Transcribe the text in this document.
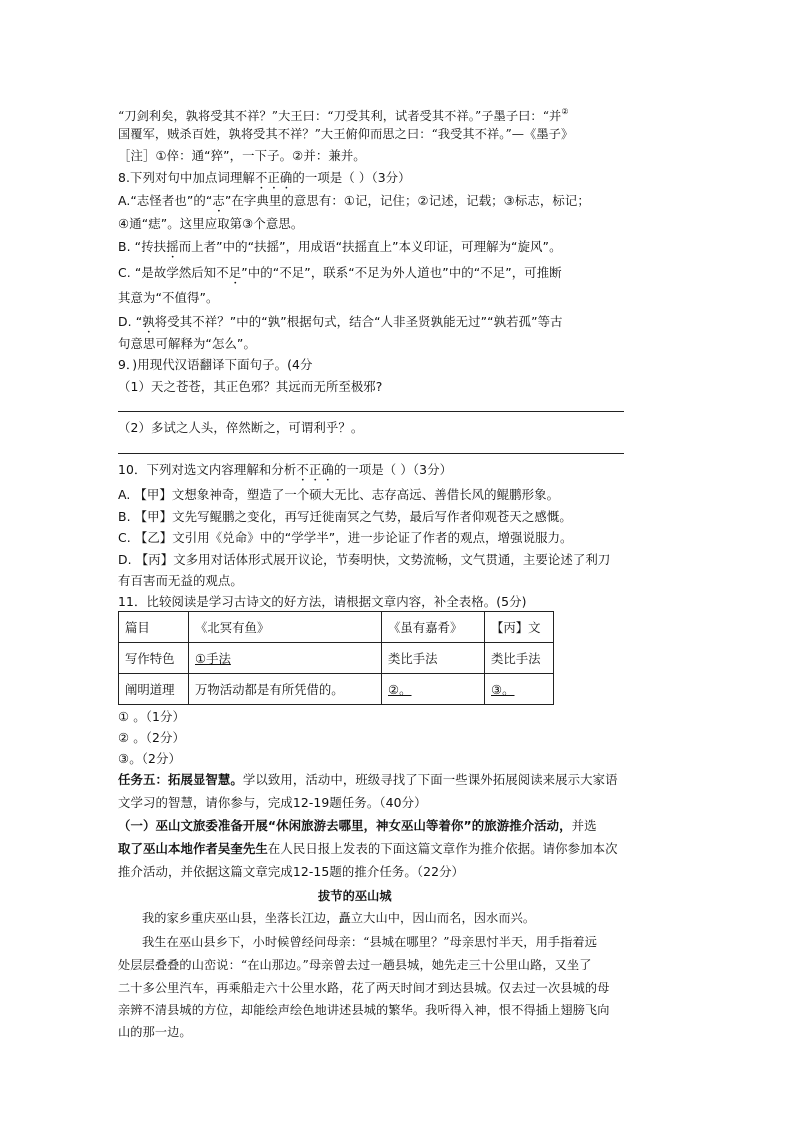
“刀剑利矣，孰将受其不祥？”大王曰：“刀受其利，试者受其不祥。”子墨子曰：“并②
国覆军，贼杀百姓，孰将受其不祥？”大王俯仰而思之曰：“我受其不祥。”—《墨子》
［注］①倅：通“猝”，一下子。②并：兼并。
8.下列对句中加点词理解不正确的一项是（ ）（3分）
A.“志怪者也”的“志”在字典里的意思有：①记，记住；②记述，记载；③标志，标记；
④通“痣”。这里应取第③个意思。
B. “抟扶摇而上者”中的“扶摇”，用成语“扶摇直上”本义印证，可理解为“旋风”。
C. “是故学然后知不足”中的“不足”，联系“不足为外人道也”中的“不足”，可推断
其意为“不值得”。
D. “孰将受其不祥？”中的“孰”根据句式，结合“人非圣贤孰能无过”“孰若孤”等古
句意思可解释为“怎么”。
9．)用现代汉语翻译下面句子。(4分
（1）天之苍苍，其正色邪？其远而无所至极邪?
（2）多试之人头，倅然断之，可谓利乎？。
10．下列对选文内容理解和分析不正确的一项是（ ）（3分）
A. 【甲】文想象神奇，塑造了一个硕大无比、志存高远、善借长风的鲲鹏形象。
B. 【甲】文先写鲲鹏之变化，再写迁徙南冥之气势，最后写作者仰观苍天之感慨。
C. 【乙】文引用《兑命》中的“学学半”，进一步论证了作者的观点，增强说服力。
D. 【丙】文多用对话体形式展开议论，节奏明快，文势流畅，文气贯通，主要论述了利刀
有百害而无益的观点。
11．比较阅读是学习古诗文的好方法，请根据文章内容，补全表格。(5分)
篇目	《北冥有鱼》	《虽有嘉肴》	【丙】文
写作特色	①手法	类比手法	类比手法
阐明道理	万物活动都是有所凭借的。	②。	③。
① 。（1分）
② 。（2分）
③。（2分）
任务五：拓展显智慧。学以致用，活动中，班级寻找了下面一些课外拓展阅读来展示大家语
文学习的智慧，请你参与，完成12-19题任务。（40分）
（一）巫山文旅委准备开展“休闲旅游去哪里，神女巫山等着你”的旅游推介活动，并选
取了巫山本地作者吴奎先生在人民日报上发表的下面这篇文章作为推介依据。请你参加本次
推介活动，并依据这篇文章完成12-15题的推介任务。（22分）
拔节的巫山城
我的家乡重庆巫山县，坐落长江边，矗立大山中，因山而名，因水而兴。
我生在巫山县乡下，小时候曾经问母亲：“县城在哪里？”母亲思忖半天，用手指着远
处层层叠叠的山峦说：“在山那边。”母亲曾去过一趟县城，她先走三十公里山路，又坐了
二十多公里汽车，再乘船走六十公里水路，花了两天时间才到达县城。仅去过一次县城的母
亲辨不清县城的方位，却能绘声绘色地讲述县城的繁华。我听得入神，恨不得插上翅膀飞向
山的那一边。
